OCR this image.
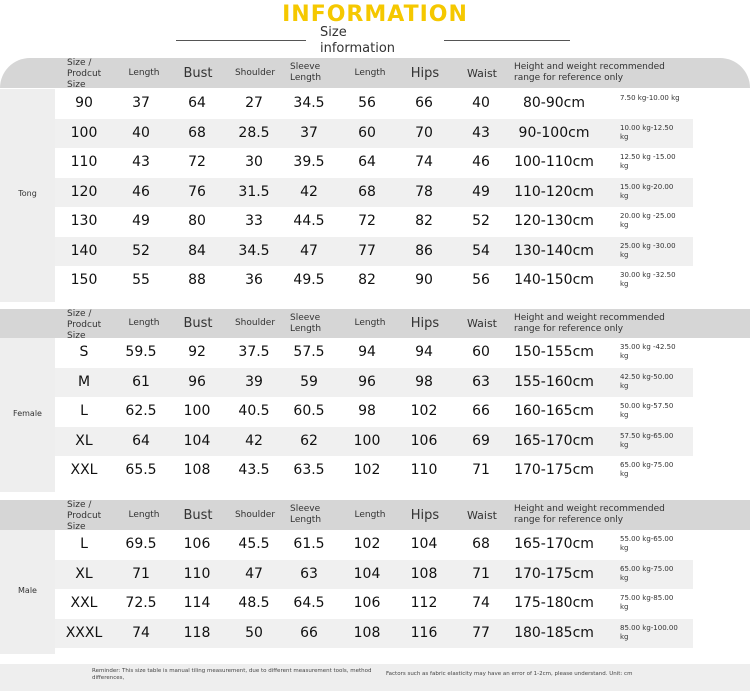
INFORMATION
Size information
Size / Prodcut Size
Length	Bust	Shoulder
Sleeve Length
Length	Hips	Waist	Height and weight recommended range for reference only
Tong
90	37	64	27	34.5	56	66	40	80-90cm	7.50 kg-10.00 kg
100	40	68	28.5	37	60	70	43	90-100cm	10.00 kg-12.50 kg
110	43	72	30	39.5	64	74	46	100-110cm	12.50 kg -15.00 kg
120	46	76	31.5	42	68	78	49	110-120cm	15.00 kg-20.00 kg
130	49	80	33	44.5	72	82	52	120-130cm	20.00 kg -25.00 kg
140	52	84	34.5	47	77	86	54	130-140cm	25.00 kg -30.00 kg
150	55	88	36	49.5	82	90	56	140-150cm	30.00 kg -32.50 kg
Size / Prodcut Size
Length	Bust	Shoulder
Sleeve Length
Length	Hips	Waist	Height and weight recommended range for reference only
Female
S	59.5	92	37.5	57.5	94	94	60	150-155cm	35.00 kg -42.50 kg
M	61	96	39	59	96	98	63	155-160cm	42.50 kg-50.00 kg
L	62.5	100	40.5	60.5	98	102	66	160-165cm	50.00 kg-57.50 kg
XL	64	104	42	62	100	106	69	165-170cm	57.50 kg-65.00 kg
XXL	65.5	108	43.5	63.5	102	110	71	170-175cm	65.00 kg-75.00 kg
Size / Prodcut Size
Length	Bust	Shoulder
Sleeve Length
Length	Hips	Waist	Height and weight recommended range for reference only
Male
L	69.5	106	45.5	61.5	102	104	68	165-170cm	55.00 kg-65.00 kg
XL	71	110	47	63	104	108	71	170-175cm	65.00 kg-75.00 kg
XXL	72.5	114	48.5	64.5	106	112	74	175-180cm	75.00 kg-85.00 kg
XXXL	74	118	50	66	108	116	77	180-185cm	85.00 kg-100.00 kg
Reminder: This size table is manual tiling measurement, due to different measurement tools, method differences,
Factors such as fabric elasticity may have an error of 1-2cm, please understand. Unit: cm
